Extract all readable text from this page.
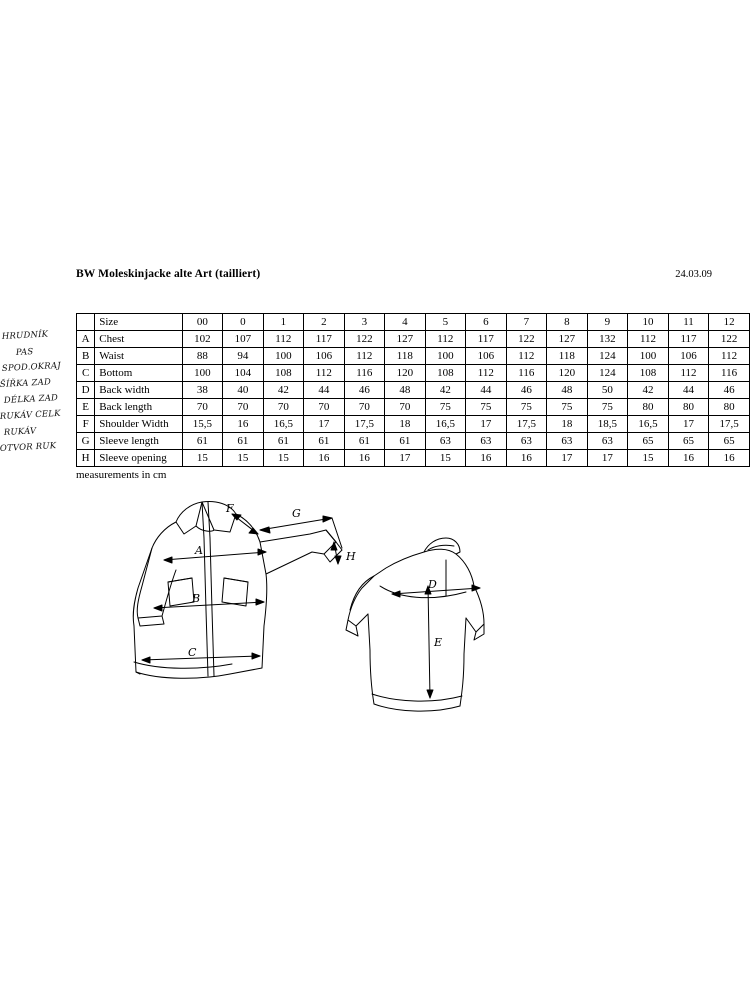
BW Moleskinjacke alte Art (tailliert)	24.03.09
HRUDNÍK
PAS
SPOD.OKRAJ
ŠÍŘKA ZAD
DÉLKA ZAD
RUKÁV CELK
RUKÁV
OTVOR RUK
	Size	00	0	1	2	3	4	5	6	7	8	9	10	11	12
A	Chest	102	107	112	117	122	127	112	117	122	127	132	112	117	122
B	Waist	88	94	100	106	112	118	100	106	112	118	124	100	106	112
C	Bottom	100	104	108	112	116	120	108	112	116	120	124	108	112	116
D	Back width	38	40	42	44	46	48	42	44	46	48	50	42	44	46
E	Back length	70	70	70	70	70	70	75	75	75	75	75	80	80	80
F	Shoulder Width	15,5	16	16,5	17	17,5	18	16,5	17	17,5	18	18,5	16,5	17	17,5
G	Sleeve length	61	61	61	61	61	61	63	63	63	63	63	65	65	65
H	Sleeve opening	15	15	15	16	16	17	15	16	16	17	17	15	16	16
measurements in cm
A
B
C
D
E
F	G
H
